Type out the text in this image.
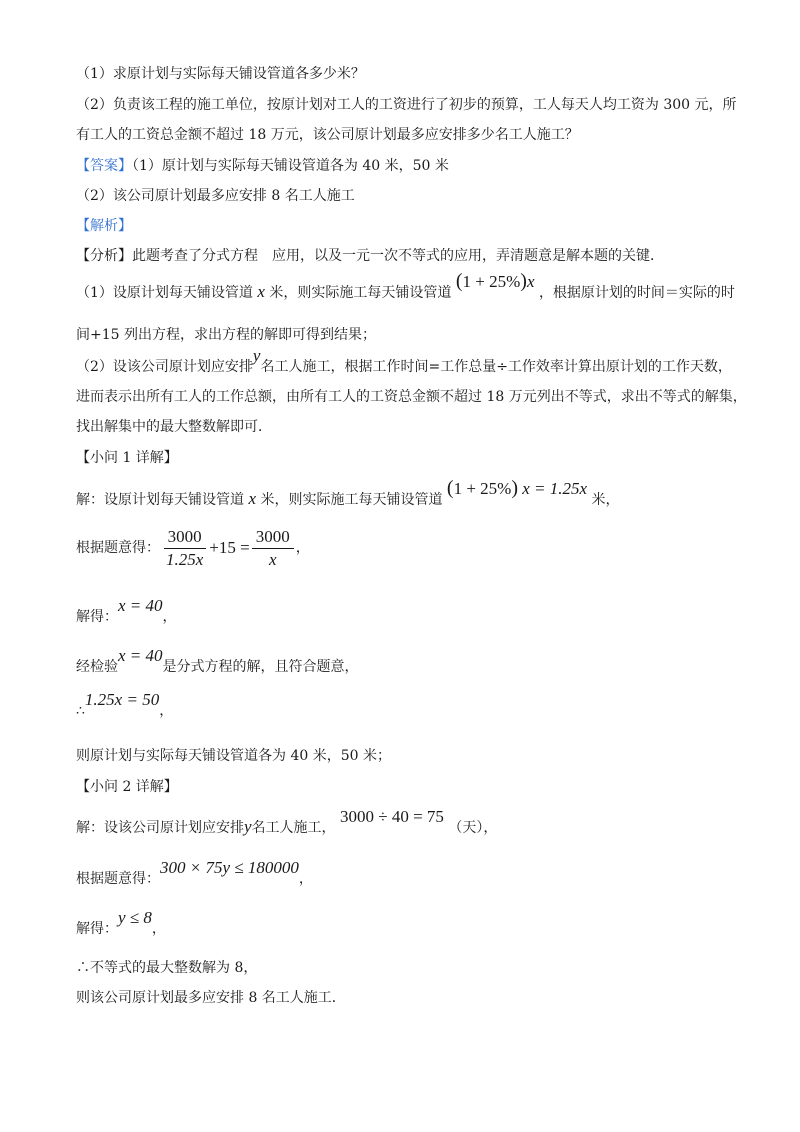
（1）求原计划与实际每天铺设管道各多少米？
（2）负责该工程的施工单位，按原计划对工人的工资进行了初步的预算，工人每天人均工资为 300 元，所
有工人的工资总金额不超过 18 万元，该公司原计划最多应安排多少名工人施工？
【答案】（1）原计划与实际每天铺设管道各为 40 米，50 米
（2）该公司原计划最多应安排 8 名工人施工
【解析】
【分析】此题考查了分式方程　应用，以及一元一次不等式的应用，弄清题意是解本题的关键．
（1）设原计划每天铺设管道 x 米，则实际施工每天铺设管道 (1 + 25%)x ，根据原计划的时间＝实际的时
间+15 列出方程，求出方程的解即可得到结果；
（2）设该公司原计划应安排y名工人施工，根据工作时间=工作总量÷工作效率计算出原计划的工作天数，
进而表示出所有工人的工作总额，由所有工人的工资总金额不超过 18 万元列出不等式，求出不等式的解集，
找出解集中的最大整数解即可．
【小问 1 详解】
解：设原计划每天铺设管道 x 米，则实际施工每天铺设管道 (1 + 25%) x = 1.25x 米，
根据题意得： $\frac{3000}{1.25x} +15 = \frac{3000}{x}$ ，
解得：x = 40，
经检验x = 40是分式方程的解，且符合题意，
∴1.25x = 50，
则原计划与实际每天铺设管道各为 40 米，50 米；
【小问 2 详解】
解：设该公司原计划应安排y名工人施工， 3000 ÷ 40 = 75 （天），
根据题意得：300 × 75y ≤ 180000，
解得：y ≤ 8，
∴不等式的最大整数解为 8，
则该公司原计划最多应安排 8 名工人施工．
